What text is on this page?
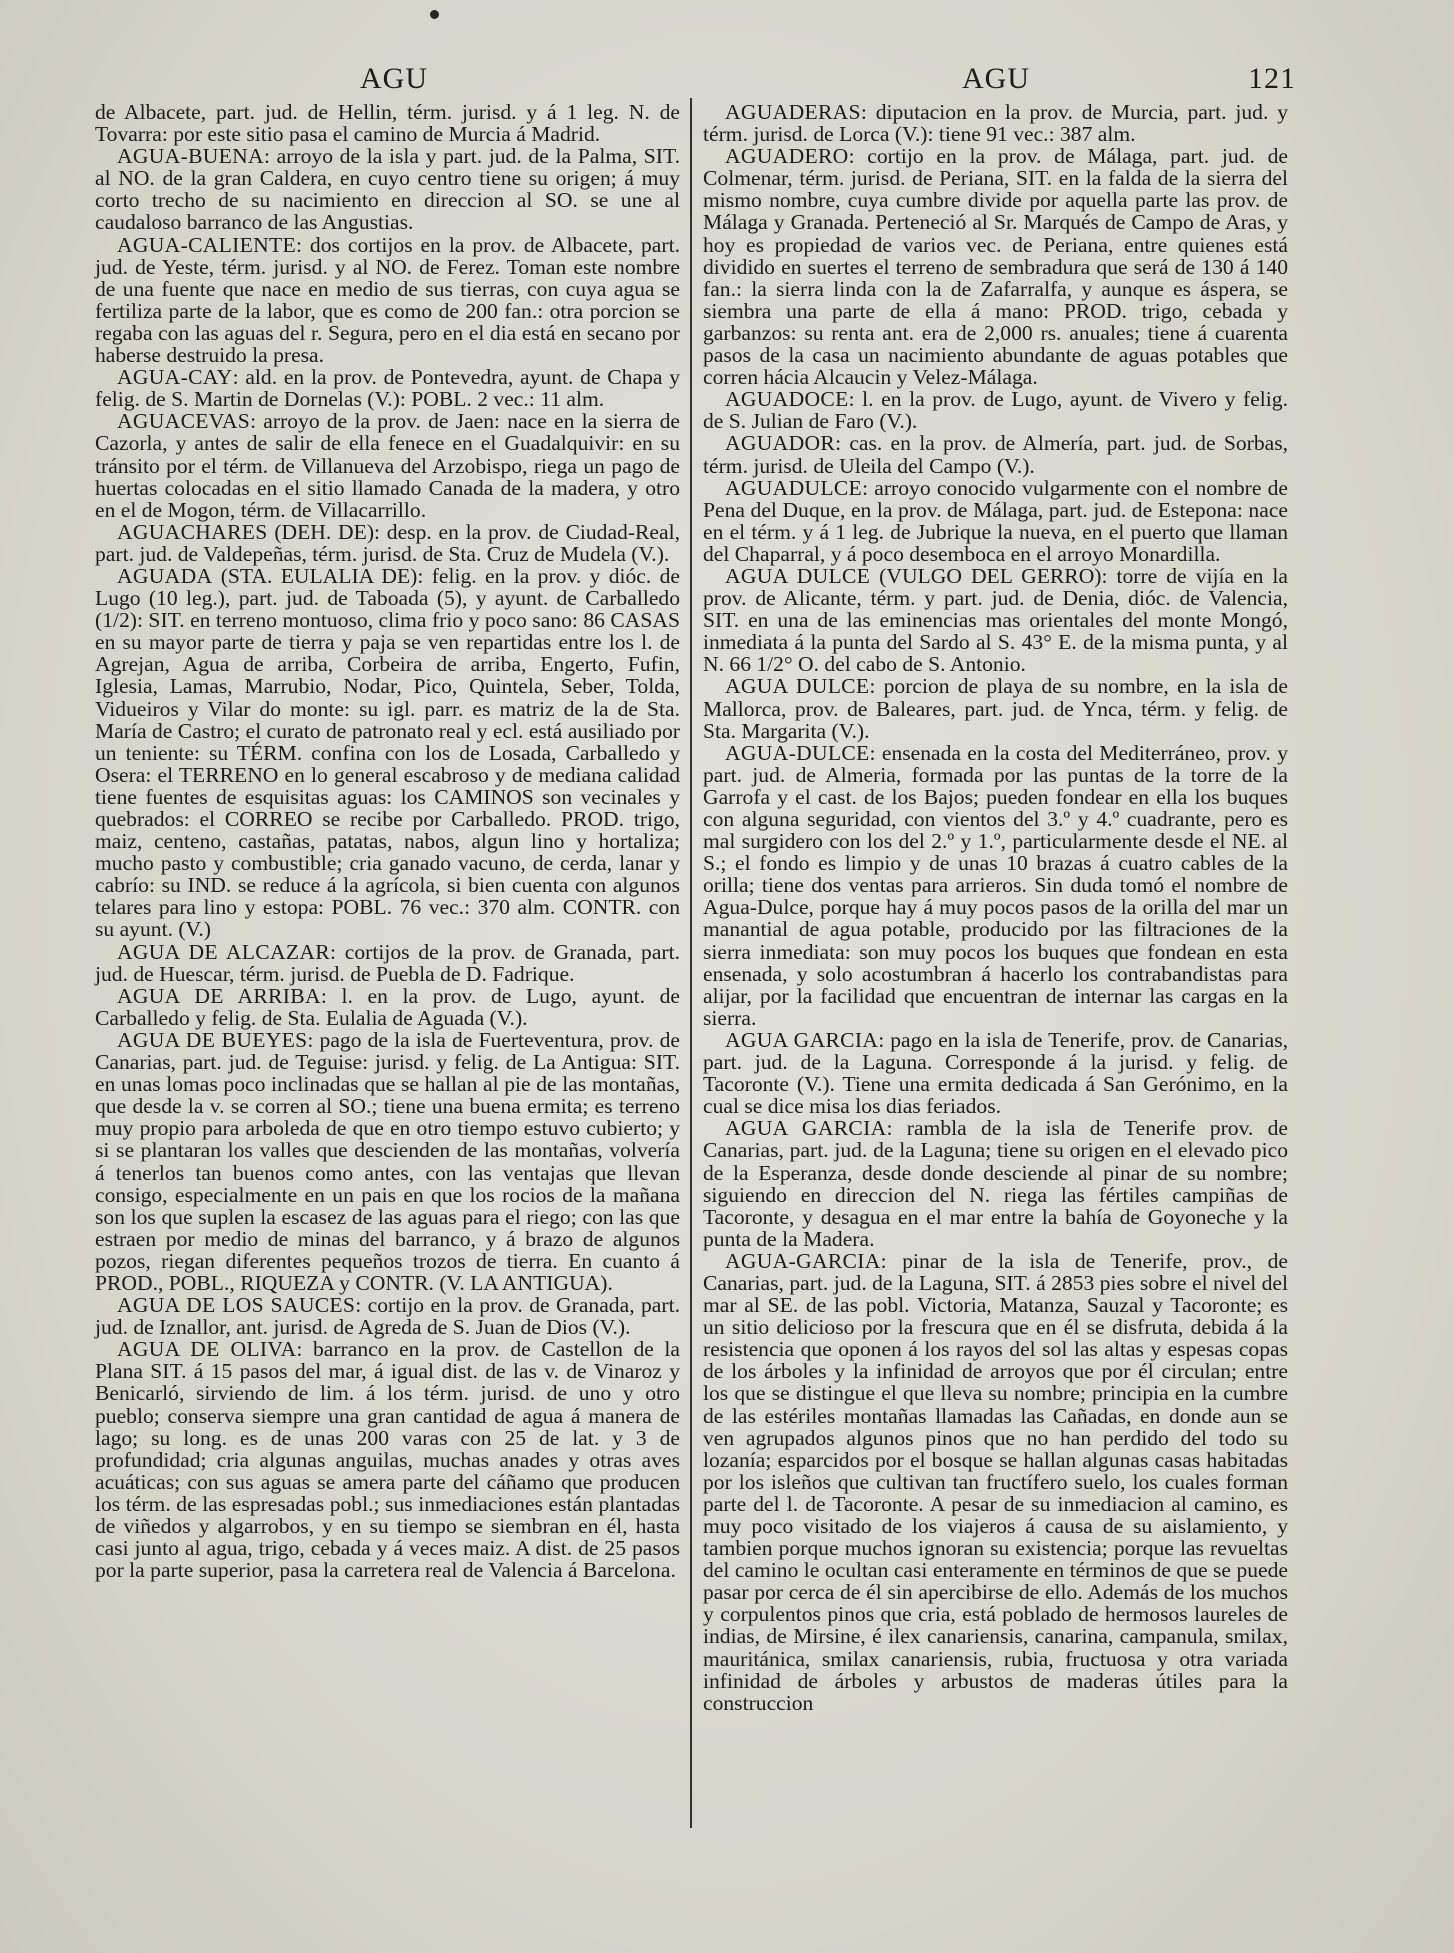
AGU	AGU	121

de Albacete, part. jud. de Hellin, térm. jurisd. y á 1 leg. N. de Tovarra: por este sitio pasa el camino de Murcia á Madrid.

AGUA-BUENA: arroyo de la isla y part. jud. de la Palma, SIT. al NO. de la gran Caldera, en cuyo centro tiene su origen; á muy corto trecho de su nacimiento en direccion al SO. se une al caudaloso barranco de las Angustias.

AGUA-CALIENTE: dos cortijos en la prov. de Albacete, part. jud. de Yeste, térm. jurisd. y al NO. de Ferez. Toman este nombre de una fuente que nace en medio de sus tierras, con cuya agua se fertiliza parte de la labor, que es como de 200 fan.: otra porcion se regaba con las aguas del r. Segura, pero en el dia está en secano por haberse destruido la presa.

AGUA-CAY: ald. en la prov. de Pontevedra, ayunt. de Chapa y felig. de S. Martin de Dornelas (V.): POBL. 2 vec.: 11 alm.

AGUACEVAS: arroyo de la prov. de Jaen: nace en la sierra de Cazorla, y antes de salir de ella fenece en el Guadalquivir: en su tránsito por el térm. de Villanueva del Arzobispo, riega un pago de huertas colocadas en el sitio llamado Canada de la madera, y otro en el de Mogon, térm. de Villacarrillo.

AGUACHARES (DEH. DE): desp. en la prov. de Ciudad-Real, part. jud. de Valdepeñas, térm. jurisd. de Sta. Cruz de Mudela (V.).

AGUADA (STA. EULALIA DE): felig. en la prov. y dióc. de Lugo (10 leg.), part. jud. de Taboada (5), y ayunt. de Carballedo (1/2): SIT. en terreno montuoso, clima frio y poco sano: 86 CASAS en su mayor parte de tierra y paja se ven repartidas entre los l. de Agrejan, Agua de arriba, Corbeira de arriba, Engerto, Fufin, Iglesia, Lamas, Marrubio, Nodar, Pico, Quintela, Seber, Tolda, Vidueiros y Vilar do monte: su igl. parr. es matriz de la de Sta. María de Castro; el curato de patronato real y ecl. está ausiliado por un teniente: su TÉRM. confina con los de Losada, Carballedo y Osera: el TERRENO en lo general escabroso y de mediana calidad tiene fuentes de esquisitas aguas: los CAMINOS son vecinales y quebrados: el CORREO se recibe por Carballedo. PROD. trigo, maiz, centeno, castañas, patatas, nabos, algun lino y hortaliza; mucho pasto y combustible; cria ganado vacuno, de cerda, lanar y cabrío: su IND. se reduce á la agrícola, si bien cuenta con algunos telares para lino y estopa: POBL. 76 vec.: 370 alm. CONTR. con su ayunt. (V.)

AGUA DE ALCAZAR: cortijos de la prov. de Granada, part. jud. de Huescar, térm. jurisd. de Puebla de D. Fadrique.

AGUA DE ARRIBA: l. en la prov. de Lugo, ayunt. de Carballedo y felig. de Sta. Eulalia de Aguada (V.).

AGUA DE BUEYES: pago de la isla de Fuerteventura, prov. de Canarias, part. jud. de Teguise: jurisd. y felig. de La Antigua: SIT. en unas lomas poco inclinadas que se hallan al pie de las montañas, que desde la v. se corren al SO.; tiene una buena ermita; es terreno muy propio para arboleda de que en otro tiempo estuvo cubierto; y si se plantaran los valles que descienden de las montañas, volvería á tenerlos tan buenos como antes, con las ventajas que llevan consigo, especialmente en un pais en que los rocios de la mañana son los que suplen la escasez de las aguas para el riego; con las que estraen por medio de minas del barranco, y á brazo de algunos pozos, riegan diferentes pequeños trozos de tierra. En cuanto á PROD., POBL., RIQUEZA y CONTR. (V. LA ANTIGUA).

AGUA DE LOS SAUCES: cortijo en la prov. de Granada, part. jud. de Iznallor, ant. jurisd. de Agreda de S. Juan de Dios (V.).

AGUA DE OLIVA: barranco en la prov. de Castellon de la Plana SIT. á 15 pasos del mar, á igual dist. de las v. de Vinaroz y Benicarló, sirviendo de lim. á los térm. jurisd. de uno y otro pueblo; conserva siempre una gran cantidad de agua á manera de lago; su long. es de unas 200 varas con 25 de lat. y 3 de profundidad; cria algunas anguilas, muchas anades y otras aves acuáticas; con sus aguas se amera parte del cáñamo que producen los térm. de las espresadas pobl.; sus inmediaciones están plantadas de viñedos y algarrobos, y en su tiempo se siembran en él, hasta casi junto al agua, trigo, cebada y á veces maiz. A dist. de 25 pasos por la parte superior, pasa la carretera real de Valencia á Barcelona.

AGUADERAS: diputacion en la prov. de Murcia, part. jud. y térm. jurisd. de Lorca (V.): tiene 91 vec.: 387 alm.

AGUADERO: cortijo en la prov. de Málaga, part. jud. de Colmenar, térm. jurisd. de Periana, SIT. en la falda de la sierra del mismo nombre, cuya cumbre divide por aquella parte las prov. de Málaga y Granada. Perteneció al Sr. Marqués de Campo de Aras, y hoy es propiedad de varios vec. de Periana, entre quienes está dividido en suertes el terreno de sembradura que será de 130 á 140 fan.: la sierra linda con la de Zafarralfa, y aunque es áspera, se siembra una parte de ella á mano: PROD. trigo, cebada y garbanzos: su renta ant. era de 2,000 rs. anuales; tiene á cuarenta pasos de la casa un nacimiento abundante de aguas potables que corren hácia Alcaucin y Velez-Málaga.

AGUADOCE: l. en la prov. de Lugo, ayunt. de Vivero y felig. de S. Julian de Faro (V.).

AGUADOR: cas. en la prov. de Almería, part. jud. de Sorbas, térm. jurisd. de Uleila del Campo (V.).

AGUADULCE: arroyo conocido vulgarmente con el nombre de Pena del Duque, en la prov. de Málaga, part. jud. de Estepona: nace en el térm. y á 1 leg. de Jubrique la nueva, en el puerto que llaman del Chaparral, y á poco desemboca en el arroyo Monardilla.

AGUA DULCE (VULGO DEL GERRO): torre de vijía en la prov. de Alicante, térm. y part. jud. de Denia, dióc. de Valencia, SIT. en una de las eminencias mas orientales del monte Mongó, inmediata á la punta del Sardo al S. 43° E. de la misma punta, y al N. 66 1/2° O. del cabo de S. Antonio.

AGUA DULCE: porcion de playa de su nombre, en la isla de Mallorca, prov. de Baleares, part. jud. de Ynca, térm. y felig. de Sta. Margarita (V.).

AGUA-DULCE: ensenada en la costa del Mediterráneo, prov. y part. jud. de Almeria, formada por las puntas de la torre de la Garrofa y el cast. de los Bajos; pueden fondear en ella los buques con alguna seguridad, con vientos del 3.º y 4.º cuadrante, pero es mal surgidero con los del 2.º y 1.º, particularmente desde el NE. al S.; el fondo es limpio y de unas 10 brazas á cuatro cables de la orilla; tiene dos ventas para arrieros. Sin duda tomó el nombre de Agua-Dulce, porque hay á muy pocos pasos de la orilla del mar un manantial de agua potable, producido por las filtraciones de la sierra inmediata: son muy pocos los buques que fondean en esta ensenada, y solo acostumbran á hacerlo los contrabandistas para alijar, por la facilidad que encuentran de internar las cargas en la sierra.

AGUA GARCIA: pago en la isla de Tenerife, prov. de Canarias, part. jud. de la Laguna. Corresponde á la jurisd. y felig. de Tacoronte (V.). Tiene una ermita dedicada á San Gerónimo, en la cual se dice misa los dias feriados.

AGUA GARCIA: rambla de la isla de Tenerife prov. de Canarias, part. jud. de la Laguna; tiene su origen en el elevado pico de la Esperanza, desde donde desciende al pinar de su nombre; siguiendo en direccion del N. riega las fértiles campiñas de Tacoronte, y desagua en el mar entre la bahía de Goyoneche y la punta de la Madera.

AGUA-GARCIA: pinar de la isla de Tenerife, prov., de Canarias, part. jud. de la Laguna, SIT. á 2853 pies sobre el nivel del mar al SE. de las pobl. Victoria, Matanza, Sauzal y Tacoronte; es un sitio delicioso por la frescura que en él se disfruta, debida á la resistencia que oponen á los rayos del sol las altas y espesas copas de los árboles y la infinidad de arroyos que por él circulan; entre los que se distingue el que lleva su nombre; principia en la cumbre de las estériles montañas llamadas las Cañadas, en donde aun se ven agrupados algunos pinos que no han perdido del todo su lozanía; esparcidos por el bosque se hallan algunas casas habitadas por los isleños que cultivan tan fructífero suelo, los cuales forman parte del l. de Tacoronte. A pesar de su inmediacion al camino, es muy poco visitado de los viajeros á causa de su aislamiento, y tambien porque muchos ignoran su existencia; porque las revueltas del camino le ocultan casi enteramente en términos de que se puede pasar por cerca de él sin apercibirse de ello. Además de los muchos y corpulentos pinos que cria, está poblado de hermosos laureles de indias, de Mirsine, é ilex canariensis, canarina, campanula, smilax, mauritánica, smilax canariensis, rubia, fructuosa y otra variada infinidad de árboles y arbustos de maderas útiles para la construccion
